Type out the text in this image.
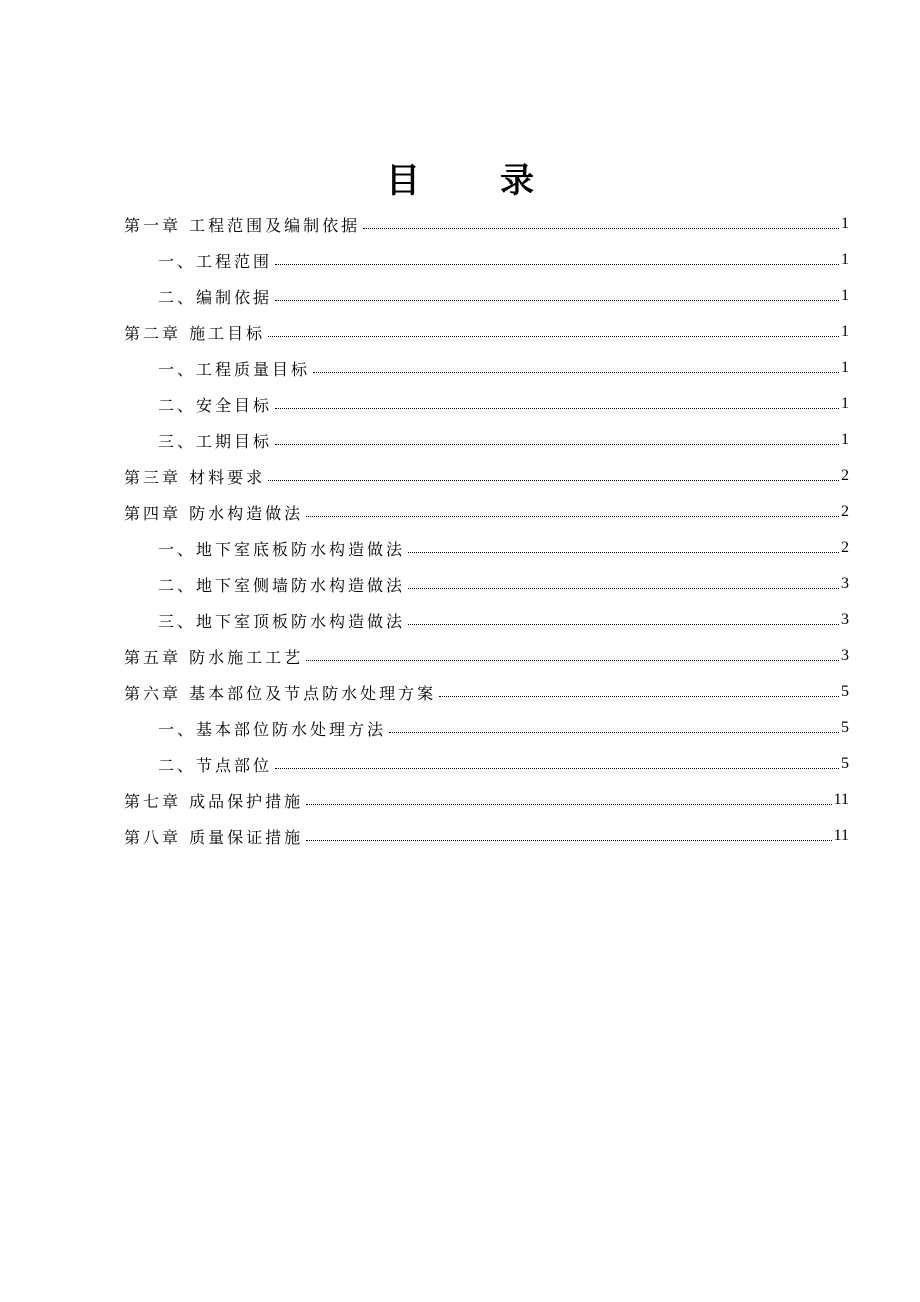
目 录
第一章 工程范围及编制依据	1
一、工程范围	1
二、编制依据	1
第二章 施工目标	1
一、工程质量目标	1
二、安全目标	1
三、工期目标	1
第三章 材料要求	2
第四章 防水构造做法	2
一、地下室底板防水构造做法	2
二、地下室侧墙防水构造做法	3
三、地下室顶板防水构造做法	3
第五章 防水施工工艺	3
第六章 基本部位及节点防水处理方案	5
一、基本部位防水处理方法	5
二、节点部位	5
第七章 成品保护措施	11
第八章 质量保证措施	11
